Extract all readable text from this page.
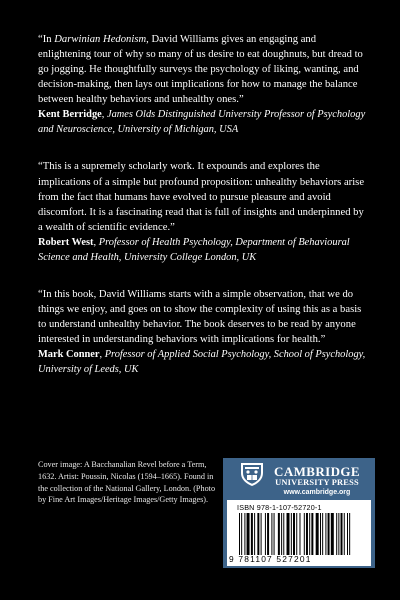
“In Darwinian Hedonism, David Williams gives an engaging and enlightening tour of why so many of us desire to eat doughnuts, but dread to go jogging. He thoughtfully surveys the psychology of liking, wanting, and decision-making, then lays out implications for how to manage the balance between healthy behaviors and unhealthy ones.”

Kent Berridge, James Olds Distinguished University Professor of Psychology and Neuroscience, University of Michigan, USA

“This is a supremely scholarly work. It expounds and explores the implications of a simple but profound proposition: unhealthy behaviors arise from the fact that humans have evolved to pursue pleasure and avoid discomfort. It is a fascinating read that is full of insights and underpinned by a wealth of scientific evidence.”

Robert West, Professor of Health Psychology, Department of Behavioural Science and Health, University College London, UK

“In this book, David Williams starts with a simple observation, that we do things we enjoy, and goes on to show the complexity of using this as a basis to understand unhealthy behavior. The book deserves to be read by anyone interested in understanding behaviors with implications for health.”

Mark Conner, Professor of Applied Social Psychology, School of Psychology, University of Leeds, UK

Cover image: A Bacchanalian Revel before a Term, 1632. Artist: Poussin, Nicolas (1594–1665). Found in the collection of the National Gallery, London. (Photo by Fine Art Images/Heritage Images/Getty Images).
CAMBRIDGE
UNIVERSITY PRESS
www.cambridge.org
ISBN 978-1-107-52720-1
9 781107 527201
